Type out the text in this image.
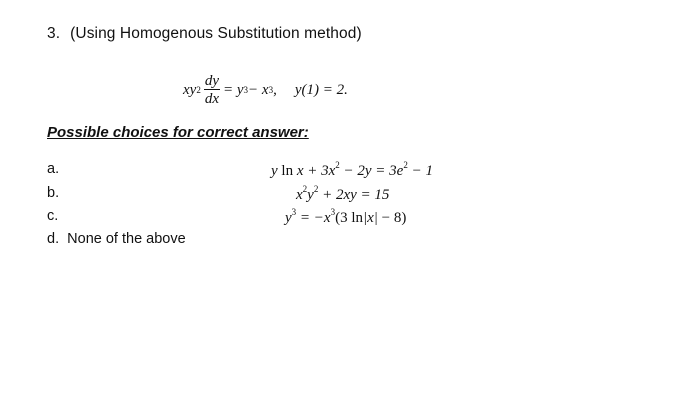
3. (Using Homogenous Substitution method)
xy $2 \frac{dy}{dx} = y$ 3 − x 3 , y(1) = 2.
Possible choices for correct answer:
a.
b.
c.
d. None of the above
y $\ln x + 3x^2 - 2y = 3e^2 - 1$
$x^2y^2 + 2xy = 15$
$y^3 = -x^3(3$ ln|x| − 8)
